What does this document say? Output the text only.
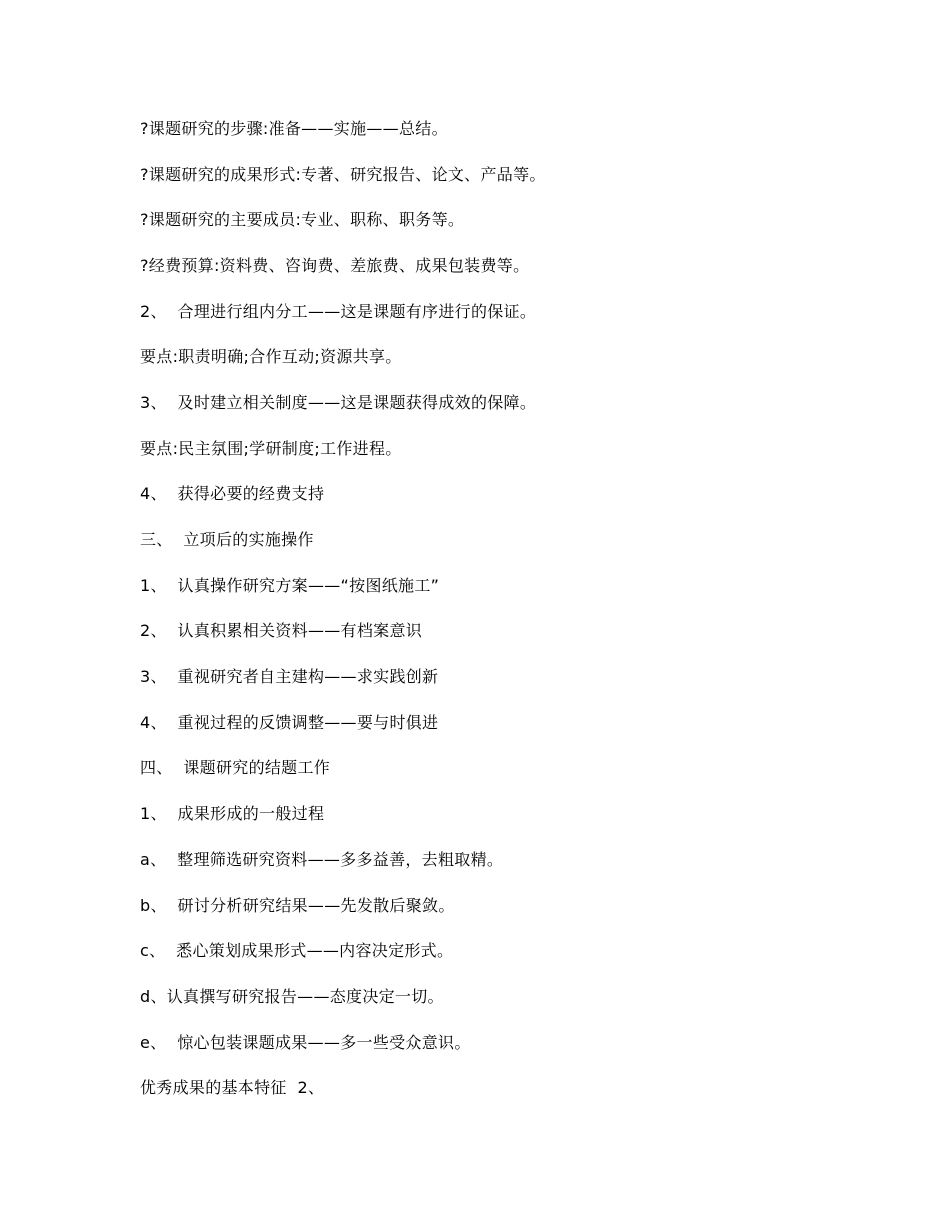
?课题研究的步骤:准备——实施——总结。
?课题研究的成果形式:专著、研究报告、论文、产品等。
?课题研究的主要成员:专业、职称、职务等。
?经费预算:资料费、咨询费、差旅费、成果包装费等。
2、  合理进行组内分工——这是课题有序进行的保证。
要点:职责明确;合作互动;资源共享。
3、  及时建立相关制度——这是课题获得成效的保障。
要点:民主氛围;学研制度;工作进程。
4、  获得必要的经费支持
三、  立项后的实施操作
1、  认真操作研究方案——“按图纸施工”
2、  认真积累相关资料——有档案意识
3、  重视研究者自主建构——求实践创新
4、  重视过程的反馈调整——要与时俱进
四、  课题研究的结题工作
1、  成果形成的一般过程
a、  整理筛选研究资料——多多益善，去粗取精。
b、  研讨分析研究结果——先发散后聚敛。
c、  悉心策划成果形式——内容决定形式。
d、认真撰写研究报告——态度决定一切。
e、  惊心包装课题成果——多一些受众意识。
优秀成果的基本特征  2、
